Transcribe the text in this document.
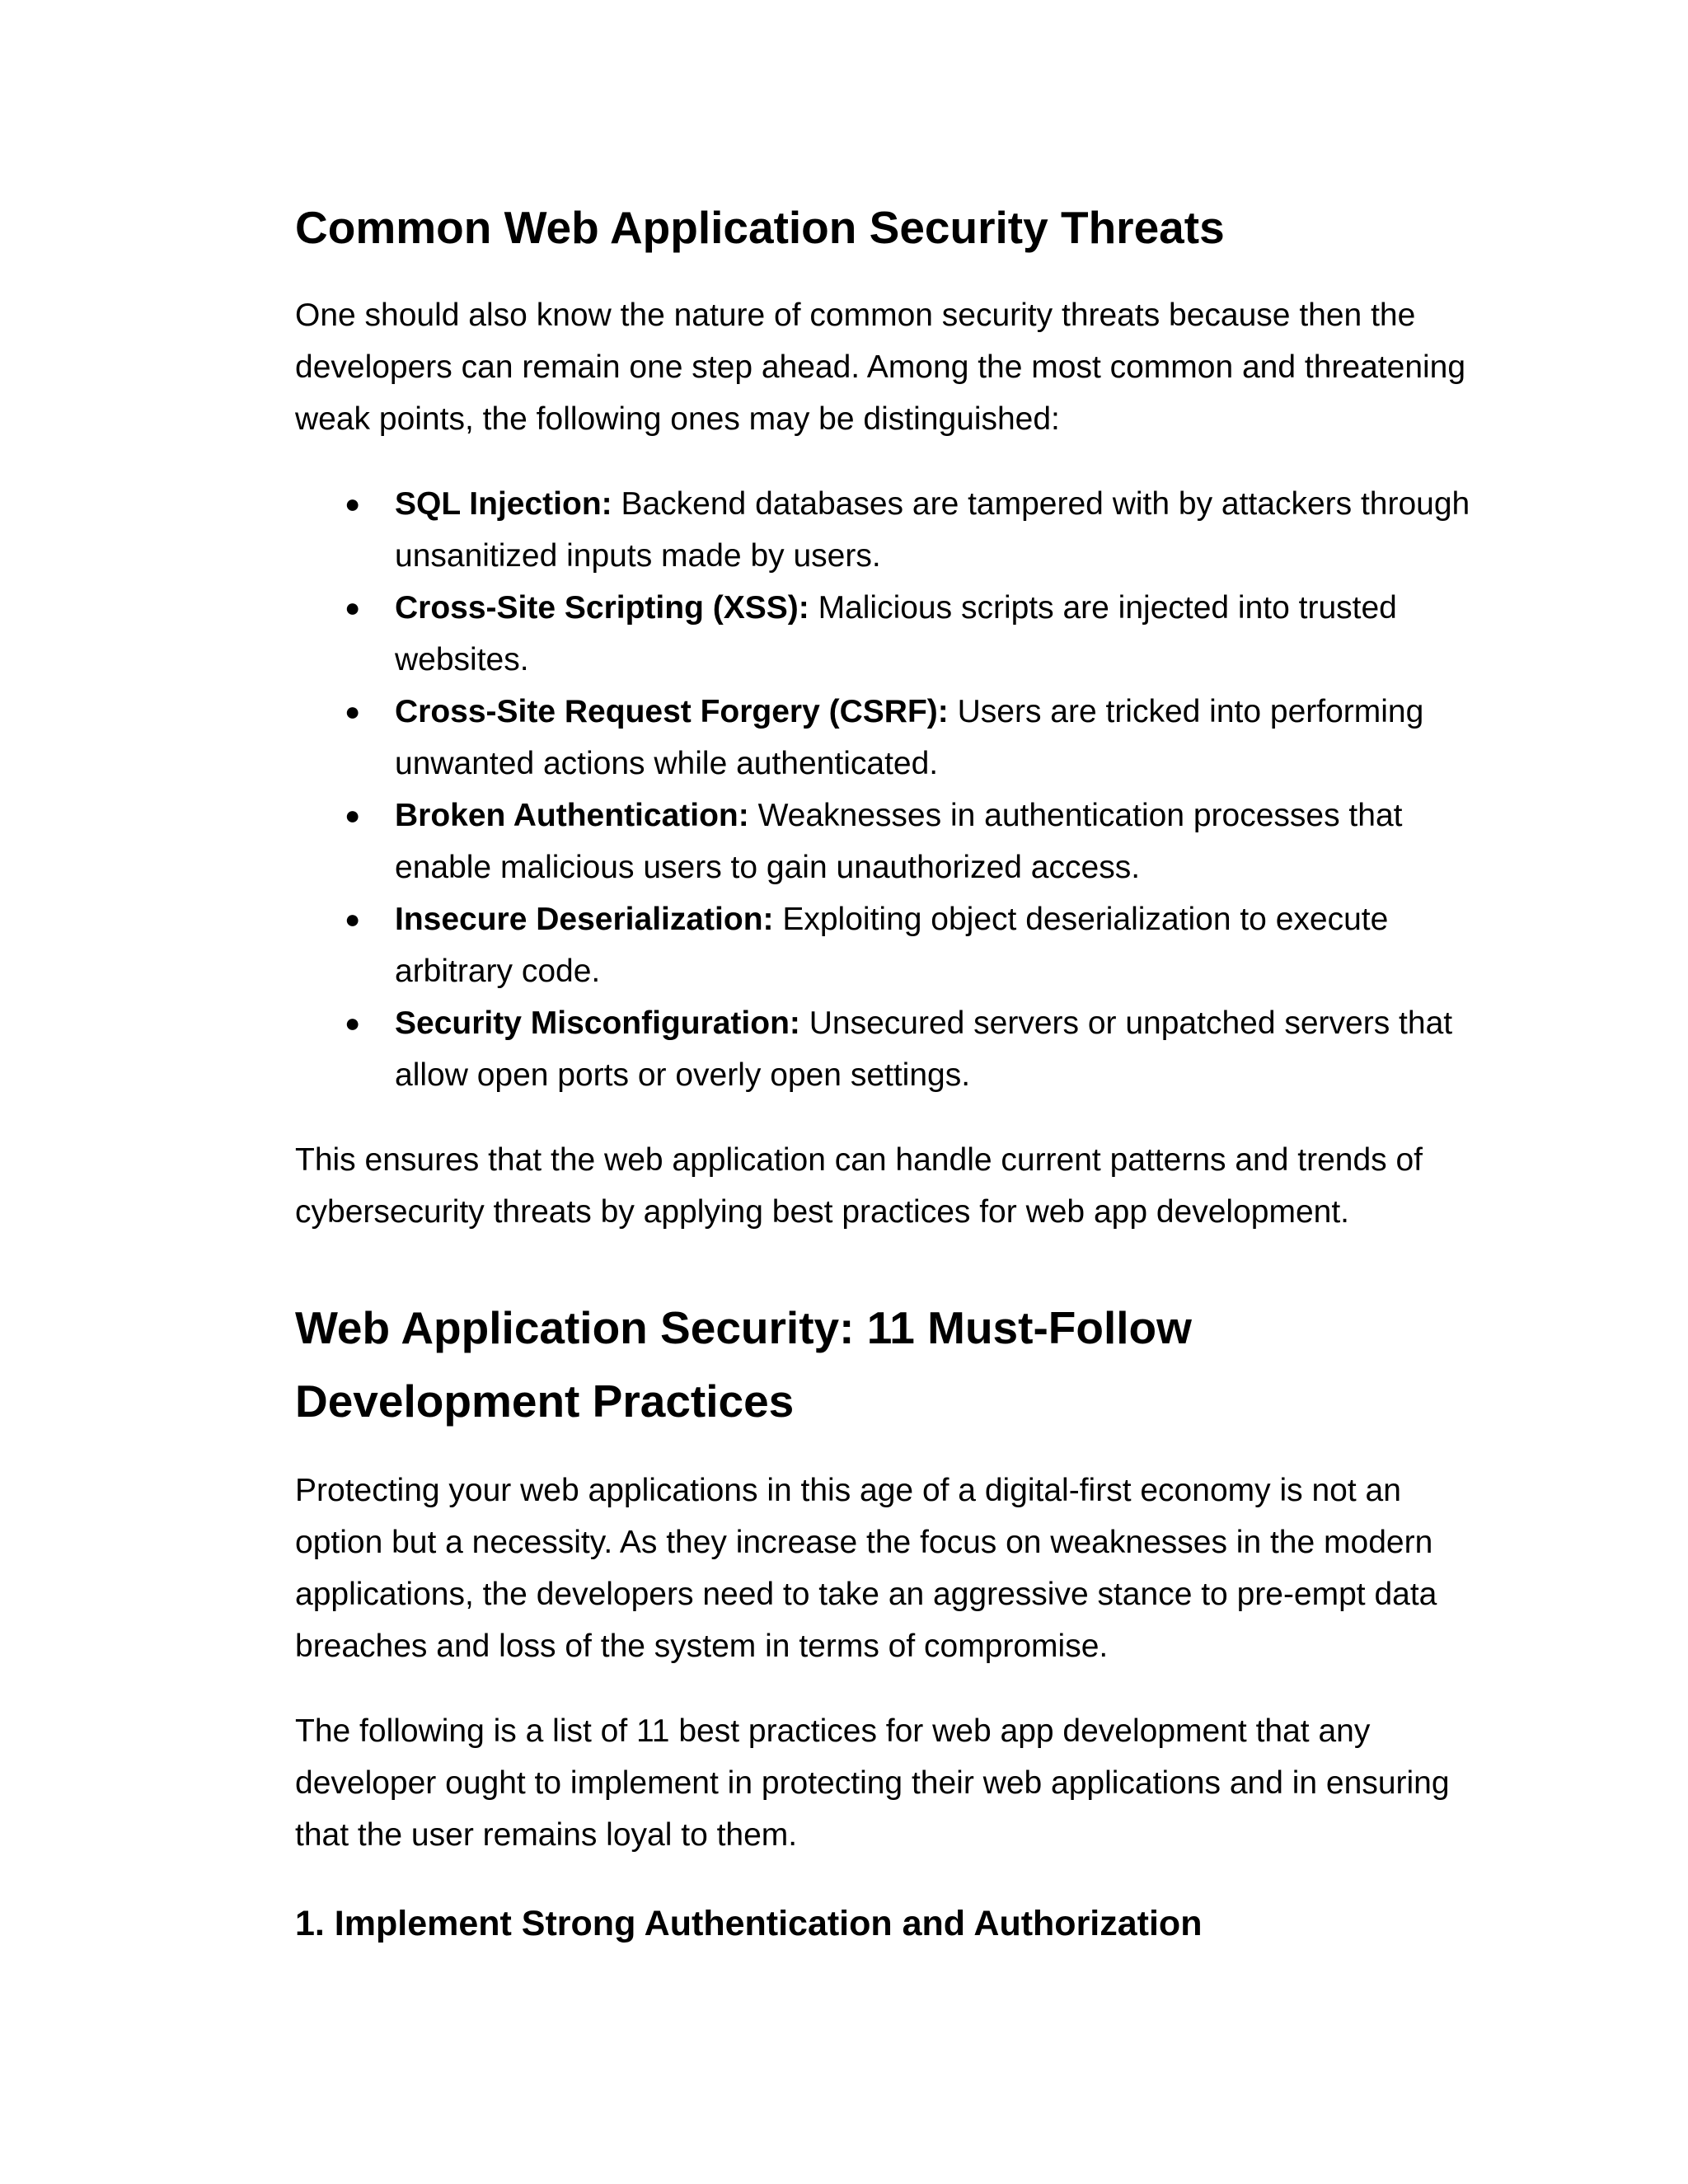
Common Web Application Security Threats

One should also know the nature of common security threats because then the developers can remain one step ahead. Among the most common and threatening weak points, the following ones may be distinguished:

● SQL Injection: Backend databases are tampered with by attackers through unsanitized inputs made by users.
● Cross-Site Scripting (XSS): Malicious scripts are injected into trusted websites.
● Cross-Site Request Forgery (CSRF): Users are tricked into performing unwanted actions while authenticated.
● Broken Authentication: Weaknesses in authentication processes that enable malicious users to gain unauthorized access.
● Insecure Deserialization: Exploiting object deserialization to execute arbitrary code.
● Security Misconfiguration: Unsecured servers or unpatched servers that allow open ports or overly open settings.

This ensures that the web application can handle current patterns and trends of cybersecurity threats by applying best practices for web app development.

Web Application Security: 11 Must-Follow Development Practices

Protecting your web applications in this age of a digital-first economy is not an option but a necessity. As they increase the focus on weaknesses in the modern applications, the developers need to take an aggressive stance to pre-empt data breaches and loss of the system in terms of compromise.

The following is a list of 11 best practices for web app development that any developer ought to implement in protecting their web applications and in ensuring that the user remains loyal to them.

1. Implement Strong Authentication and Authorization
